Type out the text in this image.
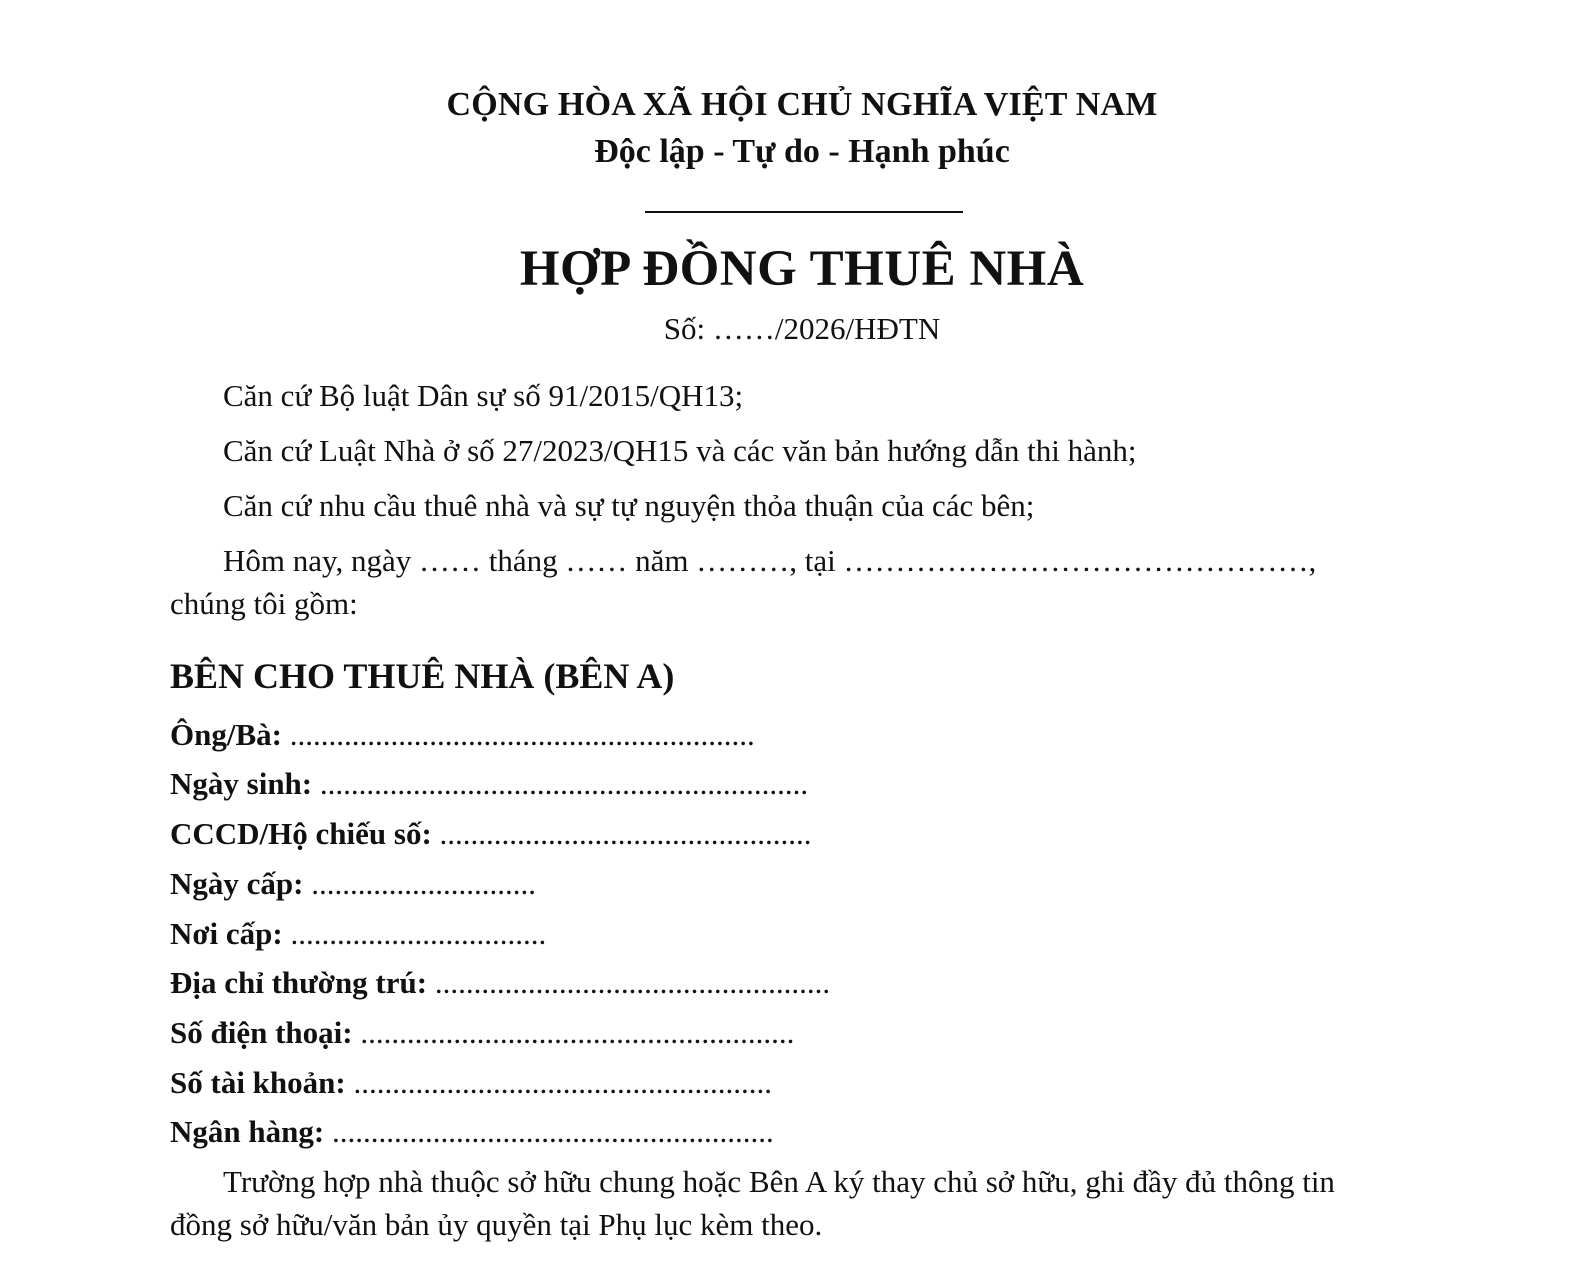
CỘNG HÒA XÃ HỘI CHỦ NGHĨA VIỆT NAM
Độc lập - Tự do - Hạnh phúc
HỢP ĐỒNG THUÊ NHÀ
Số: ……/2026/HĐTN
Căn cứ Bộ luật Dân sự số 91/2015/QH13;
Căn cứ Luật Nhà ở số 27/2023/QH15 và các văn bản hướng dẫn thi hành;
Căn cứ nhu cầu thuê nhà và sự tự nguyện thỏa thuận của các bên;
Hôm nay, ngày …… tháng …… năm ………, tại ………………………………………,
chúng tôi gồm:
BÊN CHO THUÊ NHÀ (BÊN A)
Ông/Bà: ............................................................
Ngày sinh: ...............................................................
CCCD/Hộ chiếu số: ................................................
Ngày cấp: .............................
Nơi cấp: .................................
Địa chỉ thường trú: ...................................................
Số điện thoại: ........................................................
Số tài khoản: ......................................................
Ngân hàng: .........................................................
Trường hợp nhà thuộc sở hữu chung hoặc Bên A ký thay chủ sở hữu, ghi đầy đủ thông tin
đồng sở hữu/văn bản ủy quyền tại Phụ lục kèm theo.
